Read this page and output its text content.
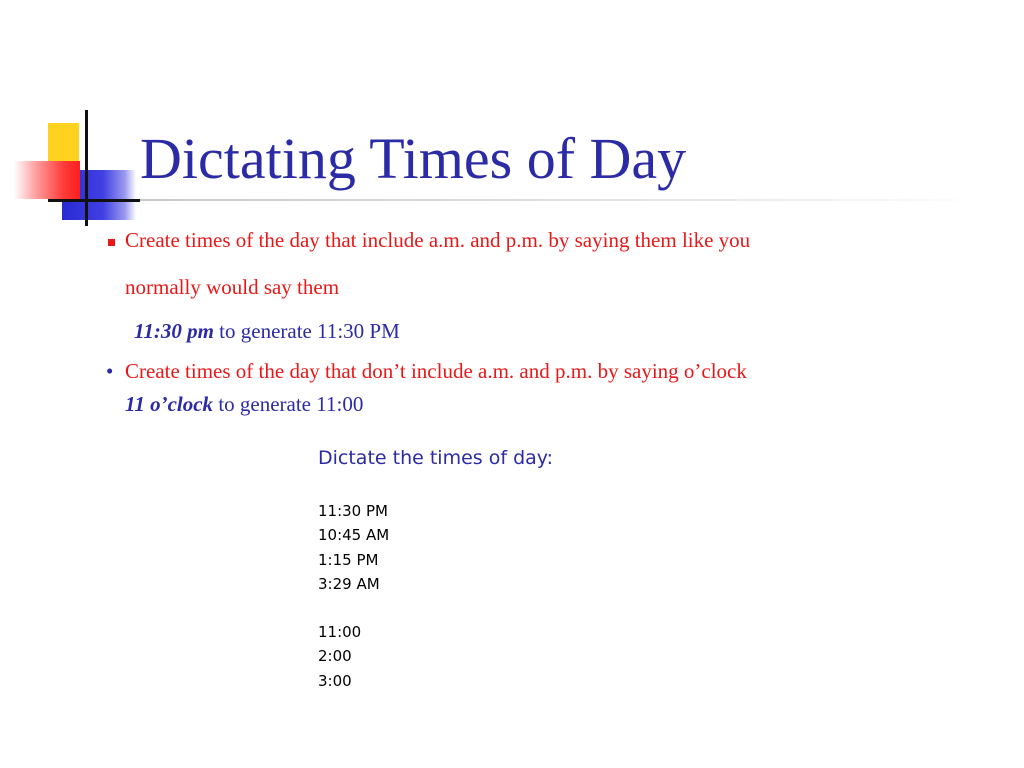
Dictating Times of Day
Create times of the day that include a.m. and p.m. by saying them like you
normally would say them
11:30 pm to generate 11:30 PM
• Create times of the day that don’t include a.m. and p.m. by saying o’clock
11 o’clock to generate 11:00
Dictate the times of day:
11:30 PM
10:45 AM
1:15 PM
3:29 AM
11:00
2:00
3:00
